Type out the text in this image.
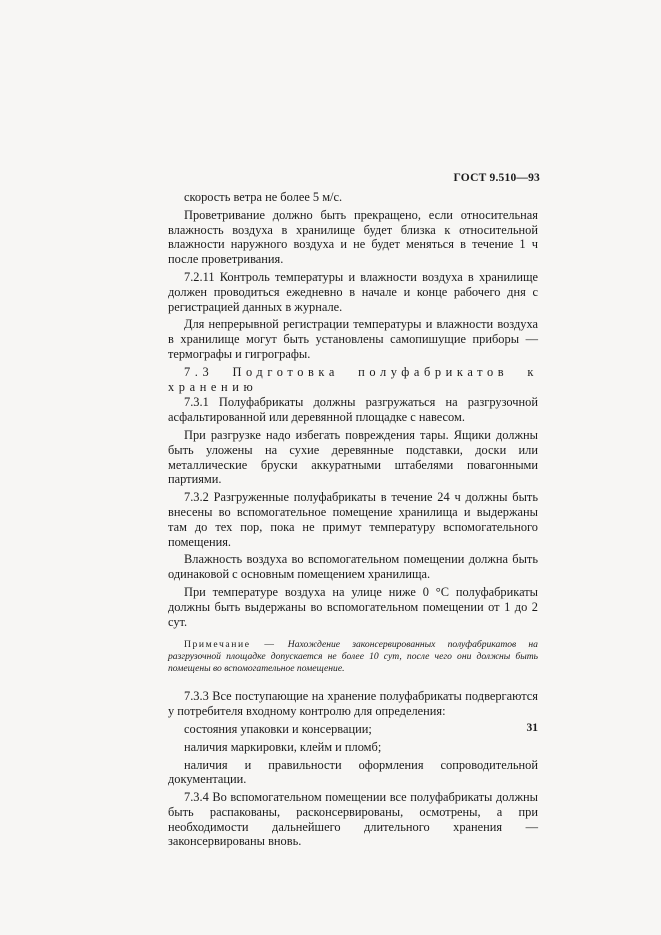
ГОСТ 9.510—93

скорость ветра не более 5 м/с.

Проветривание должно быть прекращено, если относительная влажность воздуха в хранилище будет близка к относительной влажности наружного воздуха и не будет меняться в течение 1 ч после проветривания.

7.2.11 Контроль температуры и влажности воздуха в хранилище должен проводиться ежедневно в начале и конце рабочего дня с регистрацией данных в журнале.

Для непрерывной регистрации температуры и влажности воздуха в хранилище могут быть установлены самопишущие приборы — термографы и гигрографы.

7.3 Подготовка полуфабрикатов к хранению

7.3.1 Полуфабрикаты должны разгружаться на разгрузочной асфальтированной или деревянной площадке с навесом.

При разгрузке надо избегать повреждения тары. Ящики должны быть уложены на сухие деревянные подставки, доски или металлические бруски аккуратными штабелями повагонными партиями.

7.3.2 Разгруженные полуфабрикаты в течение 24 ч должны быть внесены во вспомогательное помещение хранилища и выдержаны там до тех пор, пока не примут температуру вспомогательного помещения.

Влажность воздуха во вспомогательном помещении должна быть одинаковой с основным помещением хранилища.

При температуре воздуха на улице ниже 0 °С полуфабрикаты должны быть выдержаны во вспомогательном помещении от 1 до 2 сут.

Примечание — Нахождение законсервированных полуфабрикатов на разгрузочной площадке допускается не более 10 сут, после чего они должны быть помещены во вспомогательное помещение.

7.3.3 Все поступающие на хранение полуфабрикаты подвергаются у потребителя входному контролю для определения:

состояния упаковки и консервации;

наличия маркировки, клейм и пломб;

наличия и правильности оформления сопроводительной документации.

7.3.4 Во вспомогательном помещении все полуфабрикаты должны быть распакованы, расконсервированы, осмотрены, а при необходимости дальнейшего длительного хранения — законсервированы вновь.

31
